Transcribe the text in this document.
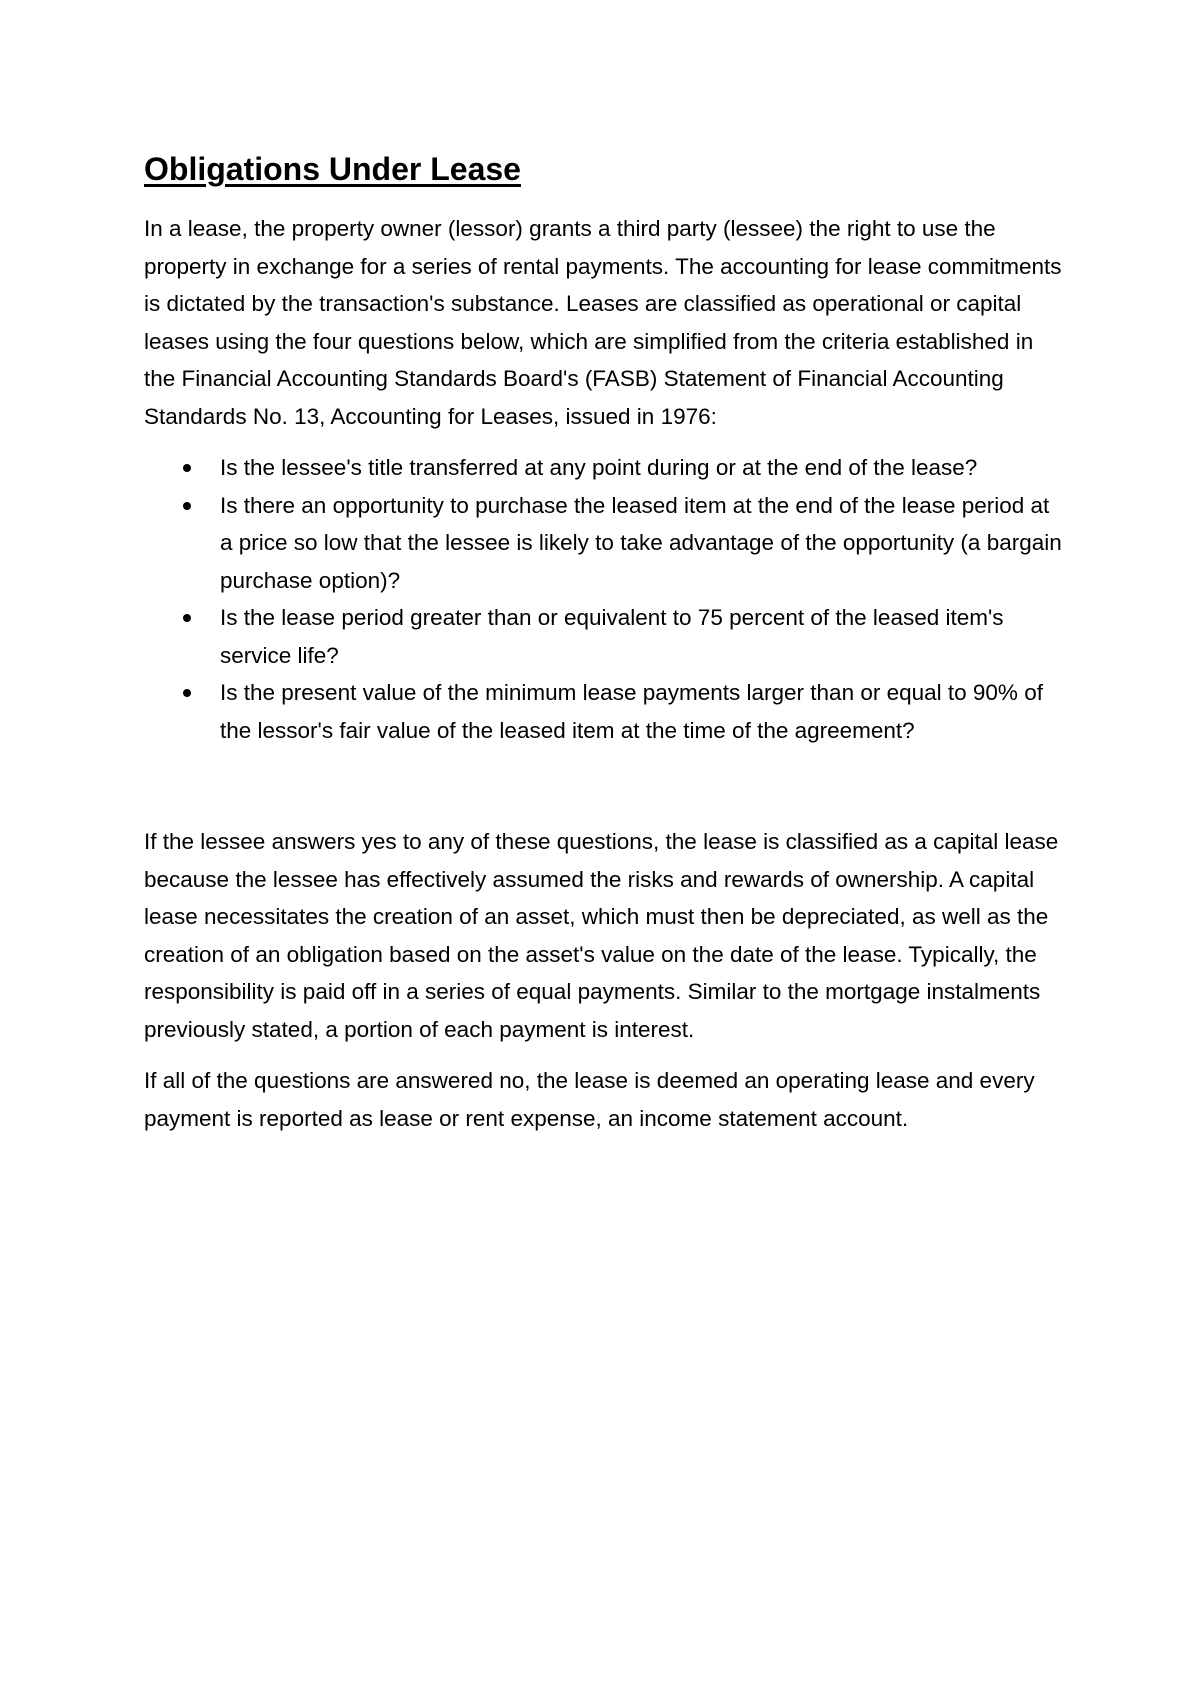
Obligations Under Lease

In a lease, the property owner (lessor) grants a third party (lessee) the right to use the property in exchange for a series of rental payments. The accounting for lease commitments is dictated by the transaction's substance. Leases are classified as operational or capital leases using the four questions below, which are simplified from the criteria established in the Financial Accounting Standards Board's (FASB) Statement of Financial Accounting Standards No. 13, Accounting for Leases, issued in 1976:

Is the lessee's title transferred at any point during or at the end of the lease?
Is there an opportunity to purchase the leased item at the end of the lease period at a price so low that the lessee is likely to take advantage of the opportunity (a bargain purchase option)?
Is the lease period greater than or equivalent to 75 percent of the leased item's service life?
Is the present value of the minimum lease payments larger than or equal to 90% of the lessor's fair value of the leased item at the time of the agreement?

If the lessee answers yes to any of these questions, the lease is classified as a capital lease because the lessee has effectively assumed the risks and rewards of ownership. A capital lease necessitates the creation of an asset, which must then be depreciated, as well as the creation of an obligation based on the asset's value on the date of the lease. Typically, the responsibility is paid off in a series of equal payments. Similar to the mortgage instalments previously stated, a portion of each payment is interest.

If all of the questions are answered no, the lease is deemed an operating lease and every payment is reported as lease or rent expense, an income statement account.
